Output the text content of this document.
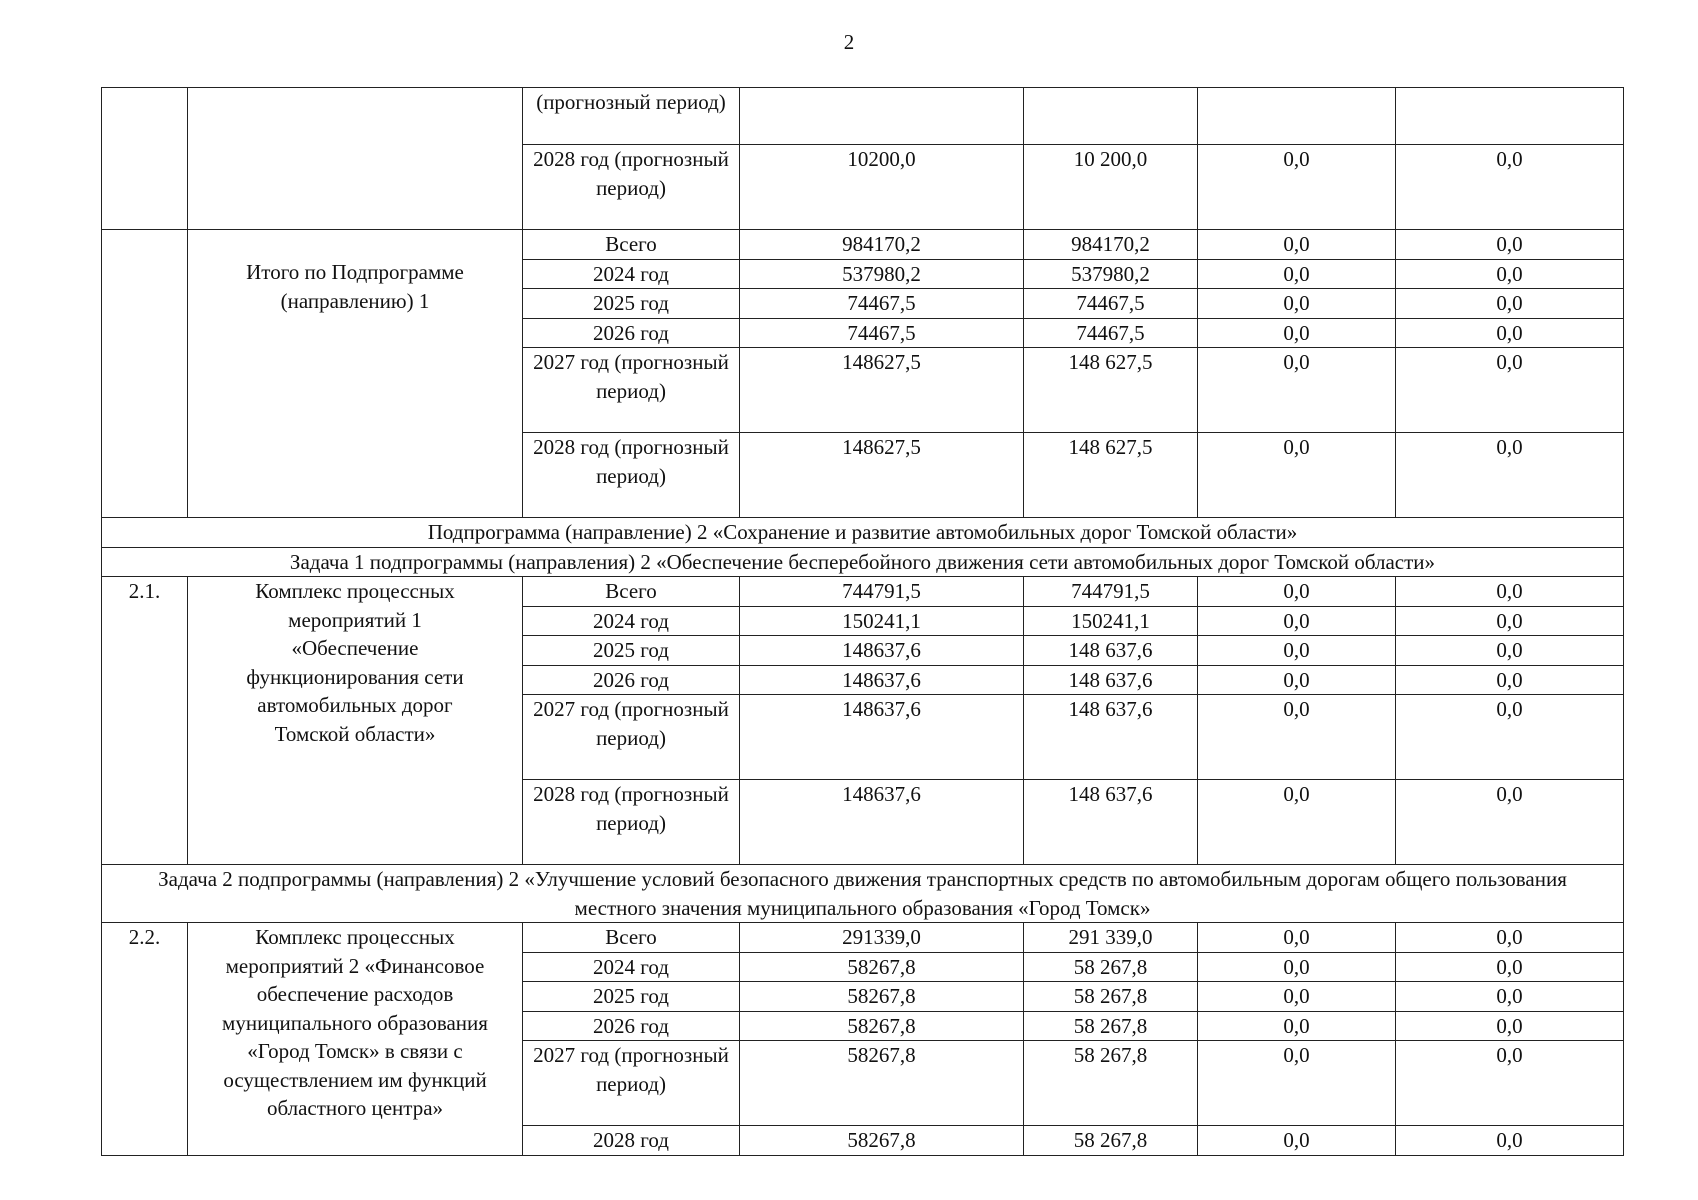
2
		(прогнозный период)				
		2028 год (прогнозный период)	10200,0	10 200,0	0,0	0,0
	Итого по Подпрограмме (направлению) 1	Всего	984170,2	984170,2	0,0	0,0
		2024 год	537980,2	537980,2	0,0	0,0
		2025 год	74467,5	74467,5	0,0	0,0
		2026 год	74467,5	74467,5	0,0	0,0
		2027 год (прогнозный период)	148627,5	148 627,5	0,0	0,0
		2028 год (прогнозный период)	148627,5	148 627,5	0,0	0,0
Подпрограмма (направление) 2 «Сохранение и развитие автомобильных дорог Томской области»						
Задача 1 подпрограммы (направления) 2 «Обеспечение бесперебойного движения сети автомобильных дорог Томской области»						
2.1.	Комплекс процессных мероприятий 1 «Обеспечение функционирования сети автомобильных дорог Томской области»	Всего	744791,5	744791,5	0,0	0,0
		2024 год	150241,1	150241,1	0,0	0,0
		2025 год	148637,6	148 637,6	0,0	0,0
		2026 год	148637,6	148 637,6	0,0	0,0
		2027 год (прогнозный период)	148637,6	148 637,6	0,0	0,0
		2028 год (прогнозный период)	148637,6	148 637,6	0,0	0,0
Задача 2 подпрограммы (направления) 2 «Улучшение условий безопасного движения транспортных средств по автомобильным дорогам общего пользования местного значения муниципального образования «Город Томск»						
2.2.	Комплекс процессных мероприятий 2 «Финансовое обеспечение расходов муниципального образования «Город Томск» в связи с осуществлением им функций областного центра»	Всего	291339,0	291 339,0	0,0	0,0
		2024 год	58267,8	58 267,8	0,0	0,0
		2025 год	58267,8	58 267,8	0,0	0,0
		2026 год	58267,8	58 267,8	0,0	0,0
		2027 год (прогнозный период)	58267,8	58 267,8	0,0	0,0
		2028 год	58267,8	58 267,8	0,0	0,0
